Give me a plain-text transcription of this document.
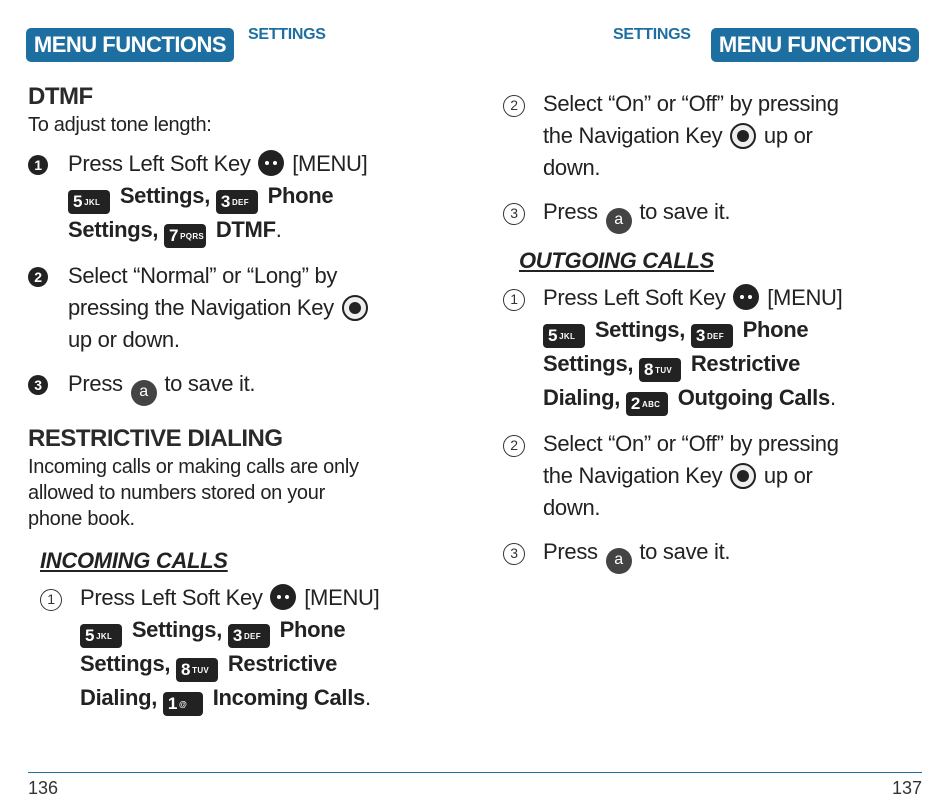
MENU FUNCTIONS	SETTINGS
DTMF
To adjust tone length:
1 Press Left Soft Key [MENU]
5 JKL Settings, 3 DEF Phone
Settings, 7 PQRS DTMF.
2 Select “Normal” or “Long” by
pressing the Navigation Key
up or down.
3 Press a to save it.
RESTRICTIVE DIALING
Incoming calls or making calls are only
allowed to numbers stored on your
phone book.
INCOMING CALLS
1	Press Left Soft Key [MENU]
5 JKL Settings, 3 DEF Phone
Settings, 8 TUV Restrictive
Dialing, 1 @ Incoming Calls.
136
SETTINGS	MENU FUNCTIONS
2	Select “On” or “Off” by pressing
the Navigation Key up or
down.
3	Press a to save it.
OUTGOING CALLS
1	Press Left Soft Key [MENU]
5 JKL Settings, 3 DEF Phone
Settings, 8 TUV Restrictive
Dialing, 2 ABC Outgoing Calls.
2	Select “On” or “Off” by pressing
the Navigation Key up or
down.
3	Press a to save it.
137
